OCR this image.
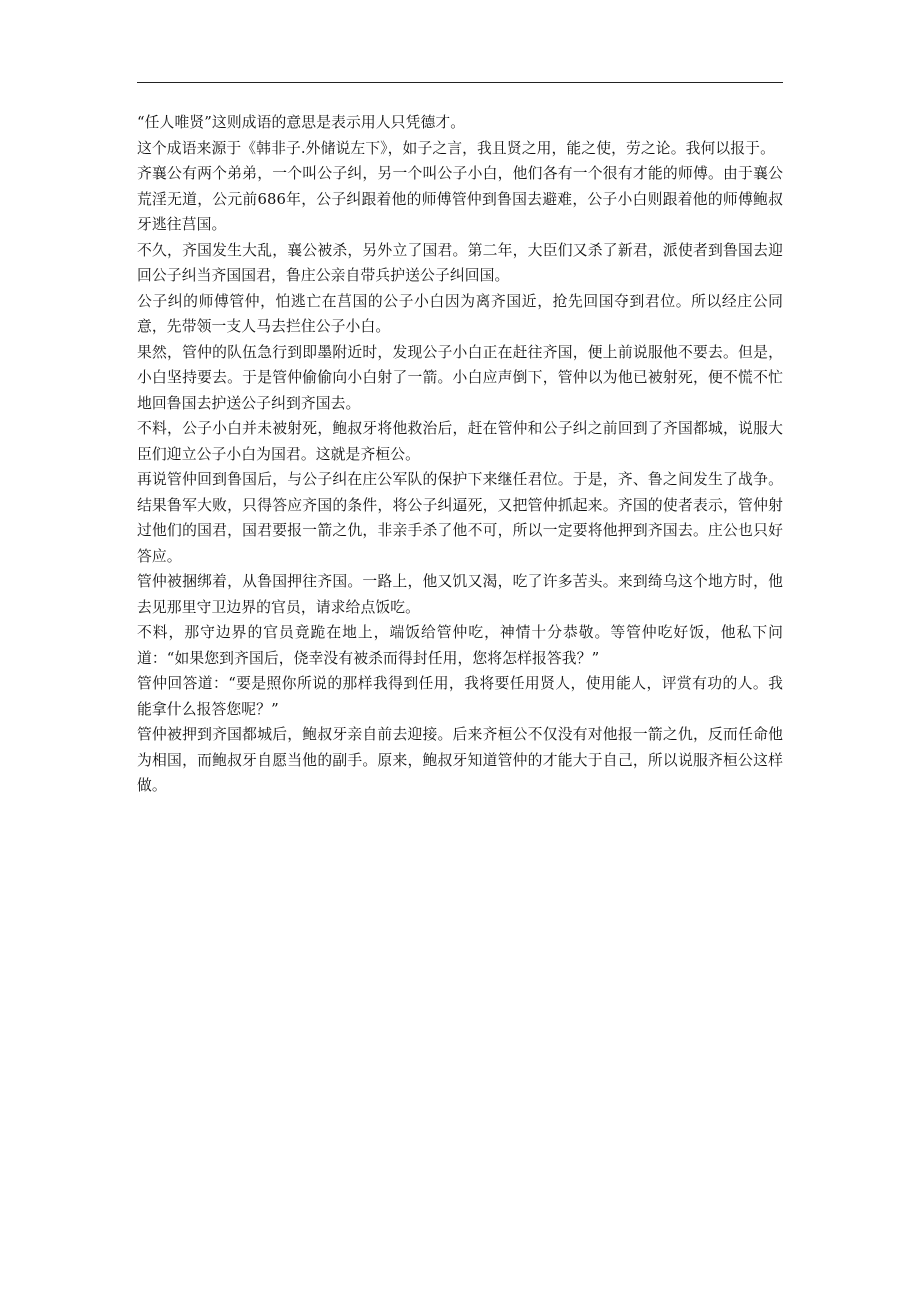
“任人唯贤”这则成语的意思是表示用人只凭德才。

这个成语来源于《韩非子.外储说左下》，如子之言，我且贤之用，能之使，劳之论。我何以报于。

齐襄公有两个弟弟，一个叫公子纠，另一个叫公子小白，他们各有一个很有才能的师傅。由于襄公荒淫无道，公元前686年，公子纠跟着他的师傅管仲到鲁国去避难，公子小白则跟着他的师傅鲍叔牙逃往莒国。

不久，齐国发生大乱，襄公被杀，另外立了国君。第二年，大臣们又杀了新君，派使者到鲁国去迎回公子纠当齐国国君，鲁庄公亲自带兵护送公子纠回国。

公子纠的师傅管仲，怕逃亡在莒国的公子小白因为离齐国近，抢先回国夺到君位。所以经庄公同意，先带领一支人马去拦住公子小白。

果然，管仲的队伍急行到即墨附近时，发现公子小白正在赶往齐国，便上前说服他不要去。但是，小白坚持要去。于是管仲偷偷向小白射了一箭。小白应声倒下，管仲以为他已被射死，便不慌不忙地回鲁国去护送公子纠到齐国去。

不料，公子小白并未被射死，鲍叔牙将他救治后，赶在管仲和公子纠之前回到了齐国都城，说服大臣们迎立公子小白为国君。这就是齐桓公。

再说管仲回到鲁国后，与公子纠在庄公军队的保护下来继任君位。于是，齐、鲁之间发生了战争。结果鲁军大败，只得答应齐国的条件，将公子纠逼死，又把管仲抓起来。齐国的使者表示，管仲射过他们的国君，国君要报一箭之仇，非亲手杀了他不可，所以一定要将他押到齐国去。庄公也只好答应。

管仲被捆绑着，从鲁国押往齐国。一路上，他又饥又渴，吃了许多苦头。来到绮乌这个地方时，他去见那里守卫边界的官员，请求给点饭吃。

不料，那守边界的官员竟跪在地上，端饭给管仲吃，神情十分恭敬。等管仲吃好饭，他私下问道：“如果您到齐国后，侥幸没有被杀而得封任用，您将怎样报答我？”

管仲回答道：“要是照你所说的那样我得到任用，我将要任用贤人，使用能人，评赏有功的人。我能拿什么报答您呢？”

管仲被押到齐国都城后，鲍叔牙亲自前去迎接。后来齐桓公不仅没有对他报一箭之仇，反而任命他为相国，而鲍叔牙自愿当他的副手。原来，鲍叔牙知道管仲的才能大于自己，所以说服齐桓公这样做。
